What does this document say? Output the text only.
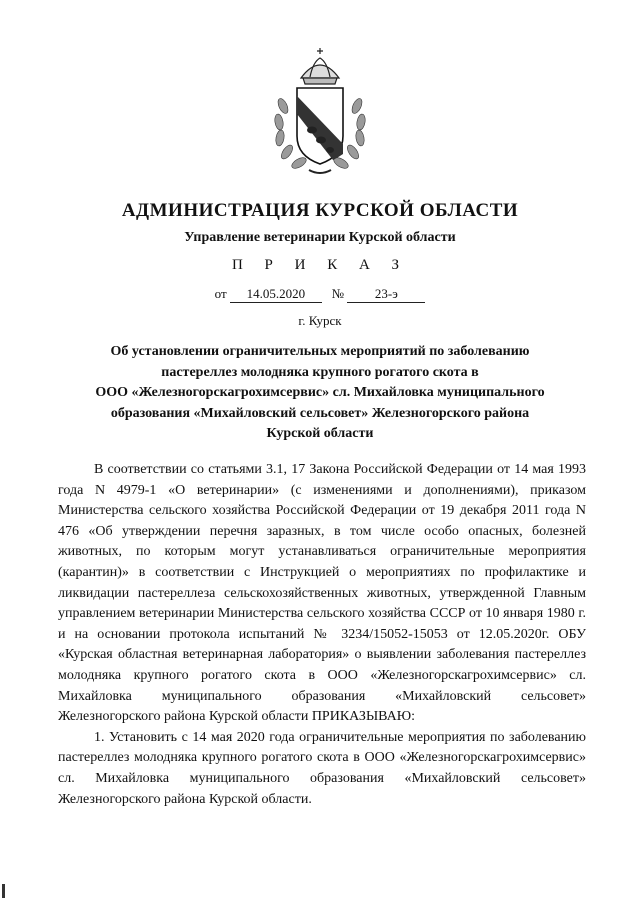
АДМИНИСТРАЦИЯ КУРСКОЙ ОБЛАСТИ
Управление ветеринарии Курской области
П Р И К А З
от 14.05.2020 № 23-э
г. Курск
Об установлении ограничительных мероприятий по заболеванию
пастереллез молодняка крупного рогатого скота в
ООО «Железногорскагрохимсервис» сл. Михайловка муниципального
образования «Михайловский сельсовет» Железногорского района
Курской области

В соответствии со статьями 3.1, 17 Закона Российской Федерации от 14 мая 1993 года N 4979-1 «О ветеринарии» (с изменениями и дополнениями), приказом Министерства сельского хозяйства Российской Федерации от 19 декабря 2011 года N 476 «Об утверждении перечня заразных, в том числе особо опасных, болезней животных, по которым могут устанавливаться ограничительные мероприятия (карантин)» в соответствии с Инструкцией о мероприятиях по профилактике и ликвидации пастереллеза сельскохозяйственных животных, утвержденной Главным управлением ветеринарии Министерства сельского хозяйства СССР от 10 января 1980 г. и на основании протокола испытаний № 3234/15052-15053 от 12.05.2020г. ОБУ «Курская областная ветеринарная лаборатория» о выявлении заболевания пастереллез молодняка крупного рогатого скота в ООО «Железногорскагрохимсервис» сл. Михайловка муниципального образования «Михайловский сельсовет» Железногорского района Курской области ПРИКАЗЫВАЮ:

1. Установить с 14 мая 2020 года ограничительные мероприятия по заболеванию пастереллез молодняка крупного рогатого скота в ООО «Железногорскагрохимсервис» сл. Михайловка муниципального образования «Михайловский сельсовет» Железногорского района Курской области.
